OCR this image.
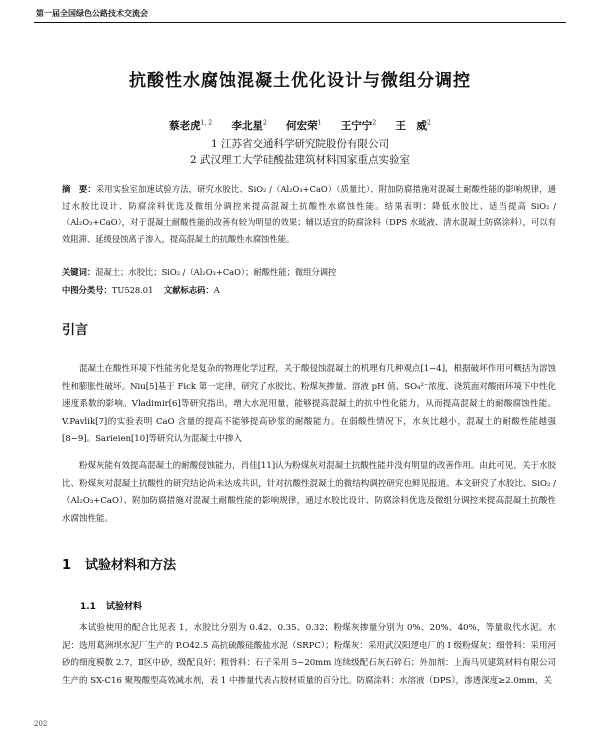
第一届全国绿色公路技术交流会
抗酸性水腐蚀混凝土优化设计与微组分调控
蔡老虎$^{1, 2}$ 李北星$^2$ 何宏荣$^1$ 王宁宁$^2$ 王　威$^2$
1 江苏省交通科学研究院股份有限公司
2 武汉理工大学硅酸盐建筑材料国家重点实验室
摘　要：采用实验室加速试验方法，研究水胶比、SiO₂ /（Al₂O₃+CaO）（质量比）、附加防腐措施对混凝土耐酸性能的影响规律，通过水胶比设计、防腐涂料优选及微组分调控来提高混凝土抗酸性水腐蚀性能。结果表明：降低水胶比、适当提高 SiO₂ /（Al₂O₃+CaO），对于混凝土耐酸性能的改善有较为明显的效果；辅以适宜的防腐涂料（DPS 水玻液、清水混凝土防腐涂料），可以有效阻滞、延缓侵蚀离子渗入，提高混凝土的抗酸性水腐蚀性能。
关键词：混凝土；水胶比；SiO₂ /（Al₂O₃+CaO）；耐酸性能；微组分调控
中图分类号：TU528.01 文献标志码：A
引言
混凝土在酸性环境下性能劣化是复杂的物理化学过程，关于酸侵蚀混凝土的机理有几种观点[1−4]，根据破坏作用可概括为溶蚀性和膨胀性破坏。Niu[5]基于 Fick 第一定律，研究了水胶比、粉煤灰掺量、溶液 pH 值、SO₄²⁻浓度、浇筑面对酸雨环境下中性化速度系数的影响。Vladimir[6]等研究指出，增大水泥用量，能够提高混凝土的抗中性化能力，从而提高混凝土的耐酸腐蚀性能。V.Pavlik[7]的实验表明 CaO 含量的提高不能够提高砂浆的耐酸能力。在弱酸性情况下，水灰比越小，混凝土的耐酸性能越强[8−9]。Sarieien[10]等研究认为混凝土中掺入
粉煤灰能有效提高混凝土的耐酸侵蚀能力，肖佳[11]认为粉煤灰对混凝土抗酸性能并没有明显的改善作用。由此可见，关于水胶比、粉煤灰对混凝土抗酸性的研究结论尚未达成共识，针对抗酸性混凝土的微结构调控研究也鲜见报道。本文研究了水胶比、SiO₂ /（Al₂O₃+CaO）、附加防腐措施对混凝土耐酸性能的影响规律，通过水胶比设计、防腐涂料优选及微组分调控来提高混凝土抗酸性水腐蚀性能。
1 试验材料和方法
1.1 试验材料
本试验使用的配合比见表 1，水胶比分别为 0.42、0.35、0.32；粉煤灰掺量分别为 0%、20%、40%，等量取代水泥。水泥：选用葛洲坝水泥厂生产的 P.O42.5 高抗硫酸硅酸盐水泥（SRPC）；粉煤灰：采用武汉阳逻电厂的 I 级粉煤灰；细骨料：采用河砂的细度模数 2.7，Ⅱ区中砂，级配良好；粗骨料：石子采用 5~20mm 连续级配石灰石碎石；外加剂：上海马贝建筑材料有限公司生产的 SX-C16 聚羧酸型高效减水剂，表 1 中掺量代表占胶材质量的百分比。防腐涂料：水溶液（DPS），渗透深度≥2.0mm，关
202
